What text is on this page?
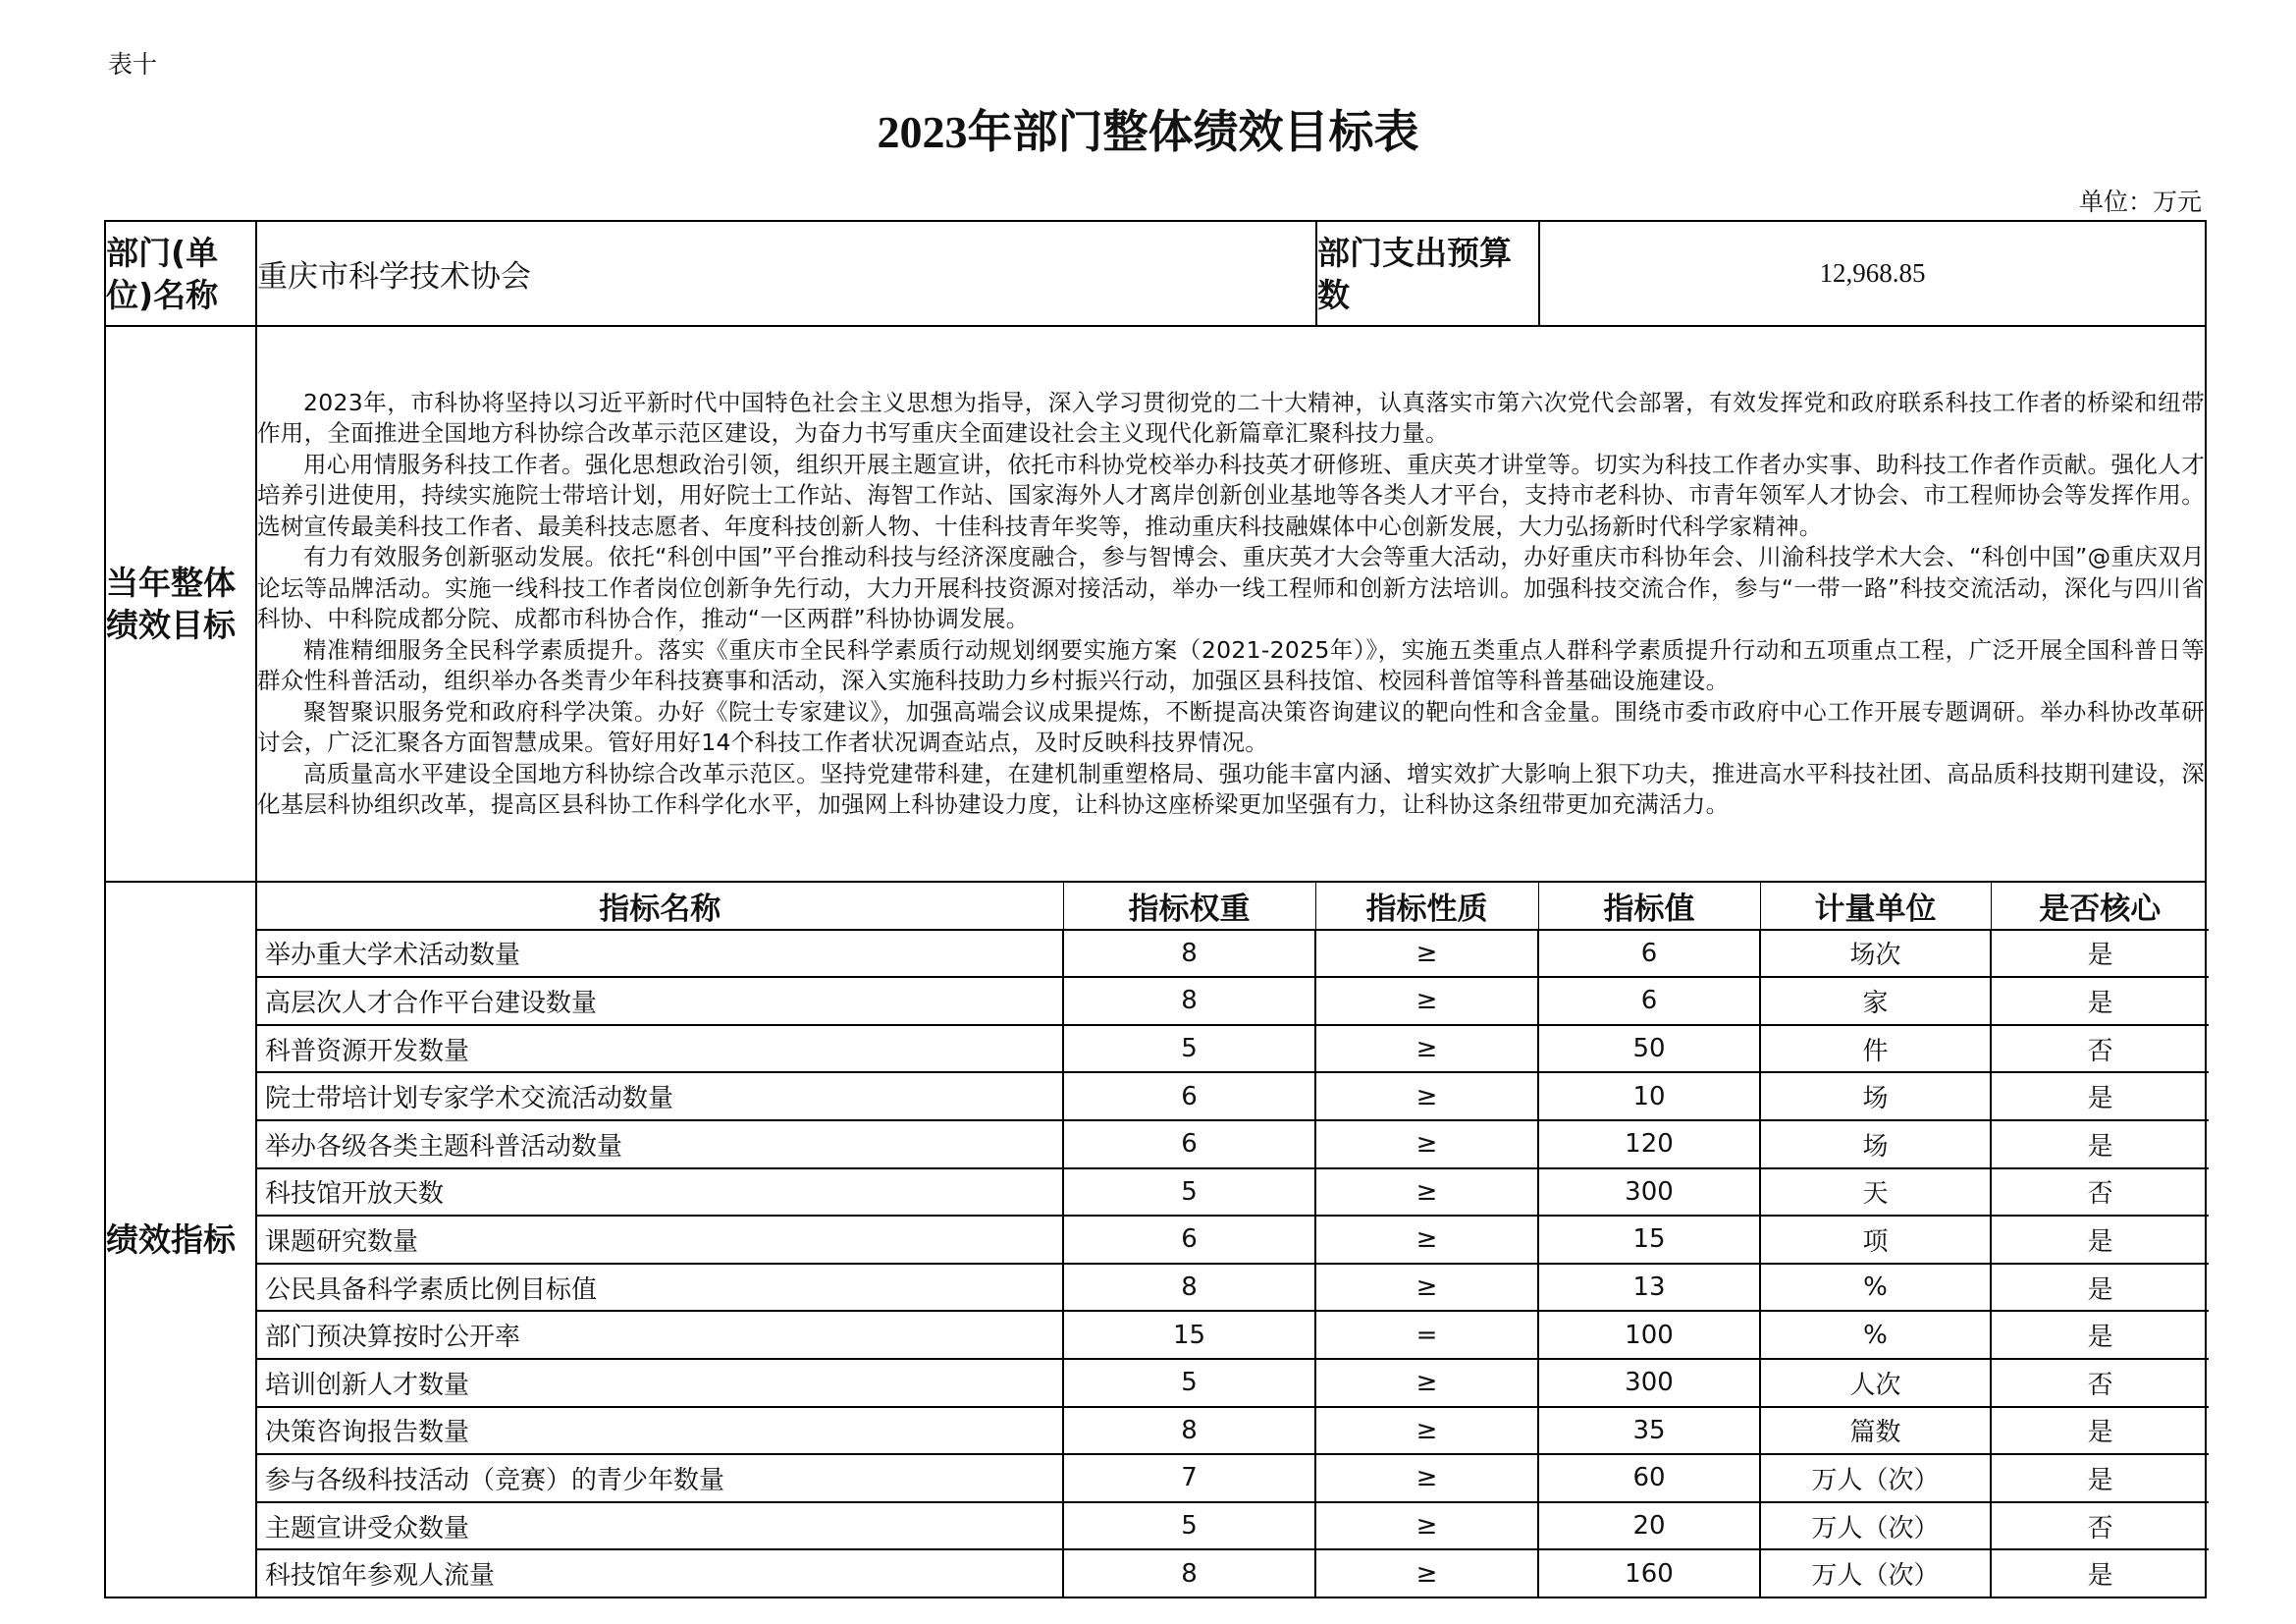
表十
2023年部门整体绩效目标表
单位：万元
部门(单位)名称	重庆市科学技术协会	部门支出预算数	12,968.85
当年整体绩效目标	

2023年，市科协将坚持以习近平新时代中国特色社会主义思想为指导，深入学习贯彻党的二十大精神，认真落实市第六次党代会部署，有效发挥党和政府联系科技工作者的桥梁和纽带作用，全面推进全国地方科协综合改革示范区建设，为奋力书写重庆全面建设社会主义现代化新篇章汇聚科技力量。

用心用情服务科技工作者。强化思想政治引领，组织开展主题宣讲，依托市科协党校举办科技英才研修班、重庆英才讲堂等。切实为科技工作者办实事、助科技工作者作贡献。强化人才培养引进使用，持续实施院士带培计划，用好院士工作站、海智工作站、国家海外人才离岸创新创业基地等各类人才平台，支持市老科协、市青年领军人才协会、市工程师协会等发挥作用。选树宣传最美科技工作者、最美科技志愿者、年度科技创新人物、十佳科技青年奖等，推动重庆科技融媒体中心创新发展，大力弘扬新时代科学家精神。

有力有效服务创新驱动发展。依托“科创中国”平台推动科技与经济深度融合，参与智博会、重庆英才大会等重大活动，办好重庆市科协年会、川渝科技学术大会、“科创中国”@重庆双月论坛等品牌活动。实施一线科技工作者岗位创新争先行动，大力开展科技资源对接活动，举办一线工程师和创新方法培训。加强科技交流合作，参与“一带一路”科技交流活动，深化与四川省科协、中科院成都分院、成都市科协合作，推动“一区两群”科协协调发展。

精准精细服务全民科学素质提升。落实《重庆市全民科学素质行动规划纲要实施方案（2021-2025年）》，实施五类重点人群科学素质提升行动和五项重点工程，广泛开展全国科普日等群众性科普活动，组织举办各类青少年科技赛事和活动，深入实施科技助力乡村振兴行动，加强区县科技馆、校园科普馆等科普基础设施建设。

聚智聚识服务党和政府科学决策。办好《院士专家建议》，加强高端会议成果提炼，不断提高决策咨询建议的靶向性和含金量。围绕市委市政府中心工作开展专题调研。举办科协改革研讨会，广泛汇聚各方面智慧成果。管好用好14个科技工作者状况调查站点，及时反映科技界情况。

高质量高水平建设全国地方科协综合改革示范区。坚持党建带科建，在建机制重塑格局、强功能丰富内涵、增实效扩大影响上狠下功夫，推进高水平科技社团、高品质科技期刊建设，深化基层科协组织改革，提高区县科协工作科学化水平，加强网上科协建设力度，让科协这座桥梁更加坚强有力，让科协这条纽带更加充满活力。

绩效指标	
指标名称	指标权重	指标性质	指标值	计量单位	是否核心
举办重大学术活动数量	8	≥	6	场次	是
高层次人才合作平台建设数量	8	≥	6	家	是
科普资源开发数量	5	≥	50	件	否
院士带培计划专家学术交流活动数量	6	≥	10	场	是
举办各级各类主题科普活动数量	6	≥	120	场	是
科技馆开放天数	5	≥	300	天	否
课题研究数量	6	≥	15	项	是
公民具备科学素质比例目标值	8	≥	13	%	是
部门预决算按时公开率	15	=	100	%	是
培训创新人才数量	5	≥	300	人次	否
决策咨询报告数量	8	≥	35	篇数	是
参与各级科技活动（竞赛）的青少年数量	7	≥	60	万人（次）	是
主题宣讲受众数量	5	≥	20	万人（次）	否
科技馆年参观人流量	8	≥	160	万人（次）	是
